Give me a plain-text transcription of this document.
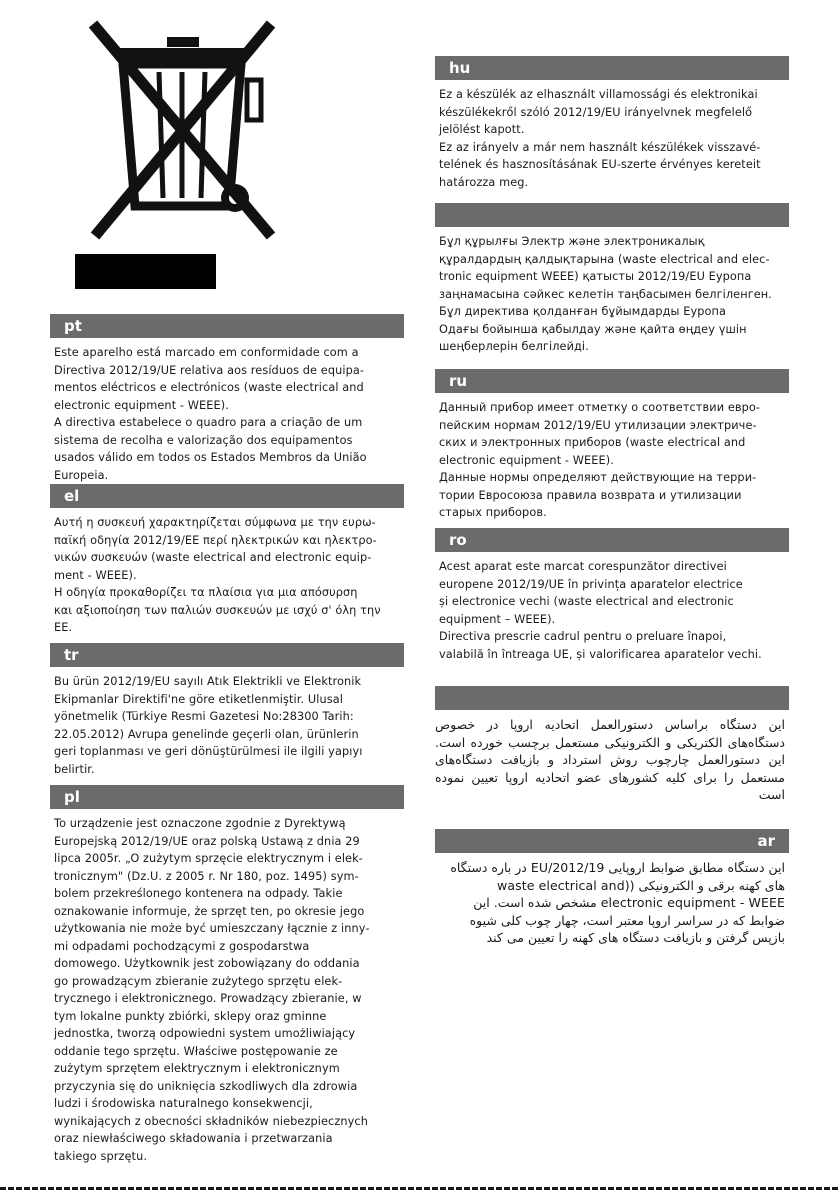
pt
Este aparelho está marcado em conformidade com a
Directiva 2012/19/UE relativa aos resíduos de equipa-
mentos eléctricos e electrónicos (waste electrical and
electronic equipment - WEEE).
A directiva estabelece o quadro para a criação de um
sistema de recolha e valorização dos equipamentos
usados válido em todos os Estados Membros da União
Europeia.
el
Αυτή η συσκευή χαρακτηρίζεται σύμφωνα με την ευρω-
παϊκή οδηγία 2012/19/ΕΕ περί ηλεκτρικών και ηλεκτρο-
νικών συσκευών (waste electrical and electronic equip-
ment - WEEE).
Η οδηγία προκαθορίζει τα πλαίσια για μια απόσυρση
και αξιοποίηση των παλιών συσκευών με ισχύ σ' όλη την
ΕΕ.
tr
Bu ürün 2012/19/EU sayılı Atık Elektrikli ve Elektronik
Ekipmanlar Direktifi'ne göre etiketlenmiştir. Ulusal
yönetmelik (Türkiye Resmi Gazetesi No:28300 Tarih:
22.05.2012) Avrupa genelinde geçerli olan, ürünlerin
geri toplanması ve geri dönüştürülmesi ile ilgili yapıyı
belirtir.
pl
To urządzenie jest oznaczone zgodnie z Dyrektywą
Europejską 2012/19/UE oraz polską Ustawą z dnia 29
lipca 2005r. „O zużytym sprzęcie elektrycznym i elek-
tronicznym" (Dz.U. z 2005 r. Nr 180, poz. 1495) sym-
bolem przekreślonego kontenera na odpady. Takie
oznakowanie informuje, że sprzęt ten, po okresie jego
użytkowania nie może być umieszczany łącznie z inny-
mi odpadami pochodzącymi z gospodarstwa
domowego. Użytkownik jest zobowiązany do oddania
go prowadzącym zbieranie zużytego sprzętu elek-
trycznego i elektronicznego. Prowadzący zbieranie, w
tym lokalne punkty zbiórki, sklepy oraz gminne
jednostka, tworzą odpowiedni system umożliwiający
oddanie tego sprzętu. Właściwe postępowanie ze
zużytym sprzętem elektrycznym i elektronicznym
przyczynia się do uniknięcia szkodliwych dla zdrowia
ludzi i środowiska naturalnego konsekwencji,
wynikających z obecności składników niebezpiecznych
oraz niewłaściwego składowania i przetwarzania
takiego sprzętu.
hu
Ez a készülék az elhasznált villamossági és elektronikai
készülékekről szóló 2012/19/EU irányelvnek megfelelő
jelölést kapott.
Ez az irányelv a már nem használt készülékek visszavé-
telének és hasznosításának EU-szerte érvényes kereteit
határozza meg.
Бұл құрылғы Электр және электроникалық
құралдардың қалдықтарына (waste electrical and elec-
tronic equipment WEEE) қатысты 2012/19/EU Еуропа
заңнамасына сәйкес келетін таңбасымен белгіленген.
Бұл директива қолданған бұйымдарды Еуропа
Одағы бойынша қабылдау және қайта өңдеу үшін
шеңберлерін белгілейді.
ru
Данный прибор имеет отметку о соответствии евро-
пейским нормам 2012/19/EU утилизации электриче-
ских и электронных приборов (waste electrical and
electronic equipment - WEEE).
Данные нормы определяют действующие на терри-
тории Евросоюза правила возврата и утилизации
старых приборов.
ro
Acest aparat este marcat corespunzător directivei
europene 2012/19/UE în privința aparatelor electrice
și electronice vechi (waste electrical and electronic
equipment – WEEE).
Directiva prescrie cadrul pentru o preluare înapoi,
valabilă în întreaga UE, și valorificarea aparatelor vechi.
این دستگاه براساس دستورالعمل اتحادیه اروپا در خصوص دستگاه‌های الکتریکی و الکترونیکی مستعمل برچسب خورده است. این دستورالعمل چارچوب روش استرداد و بازیافت دستگاه‌های مستعمل را برای کلیه کشورهای عضو اتحادیه اروپا تعیین نموده است
ar
این دستگاه مطابق ضوابط اروپایی 2012/19/EU در باره دستگاه های کهنه برقی و الکترونیکی ((waste electrical and electronic equipment - WEEE مشخص شده است. این ضوابط که در سراسر اروپا معتبر است، چهار چوب کلی شیوه بازپس گرفتن و بازیافت دستگاه های کهنه را تعیین می کند
